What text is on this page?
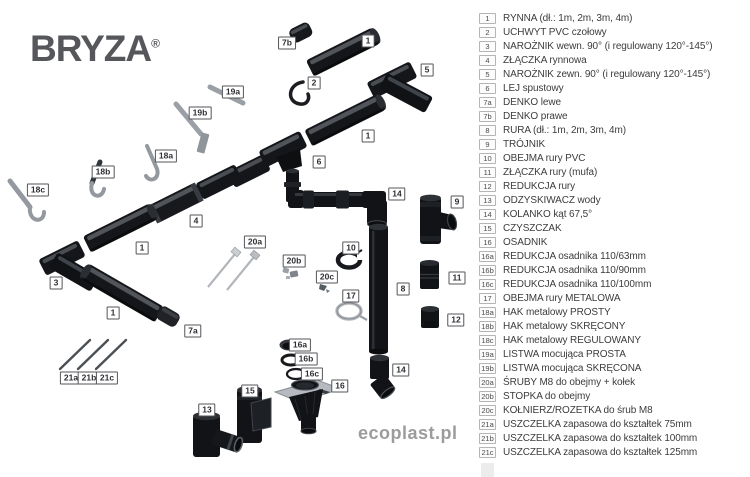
7b	1
5
2
19a
19b
1
18a
6
18b
18c	14
9
4
20a
1	10
20b
11
20c
3
8
17
1
12
7a
16a
16b
16c
16
14
21a 21b 21c
15
13
BRYZA®
ecoplast.pl
1	RYNNA (dł.: 1m, 2m, 3m, 4m)
2	UCHWYT PVC czołowy
3	NAROŻNIK wewn. 90° (i regulowany 120°-145°)
4	ZŁĄCZKA rynnowa
5	NAROŻNIK zewn. 90° (i regulowany 120°-145°)
6	LEJ spustowy
7a	DENKO lewe
7b	DENKO prawe
8	RURA (dł.: 1m, 2m, 3m, 4m)
9	TRÓJNIK
10	OBEJMA rury PVC
11	ZŁĄCZKA rury (mufa)
12	REDUKCJA rury
13	ODZYSKIWACZ wody
14	KOLANKO kąt 67,5°
15	CZYSZCZAK
16	OSADNIK
16a REDUKCJA osadnika 110/63mm
16b REDUKCJA osadnika 110/90mm
16c REDUKCJA osadnika 110/100mm
17	OBEJMA rury METALOWA
18a HAK metalowy PROSTY
18b HAK metalowy SKRĘCONY
18c HAK metalowy REGULOWANY
19a LISTWA mocująca PROSTA
19b LISTWA mocująca SKRĘCONA
20a ŚRUBY M8 do obejmy + kołek
20b STOPKA do obejmy
20c KOŁNIERZ/ROZETKA do śrub M8
21a USZCZELKA zapasowa do kształtek 75mm
21b USZCZELKA zapasowa do kształtek 100mm
21c USZCZELKA zapasowa do kształtek 125mm
